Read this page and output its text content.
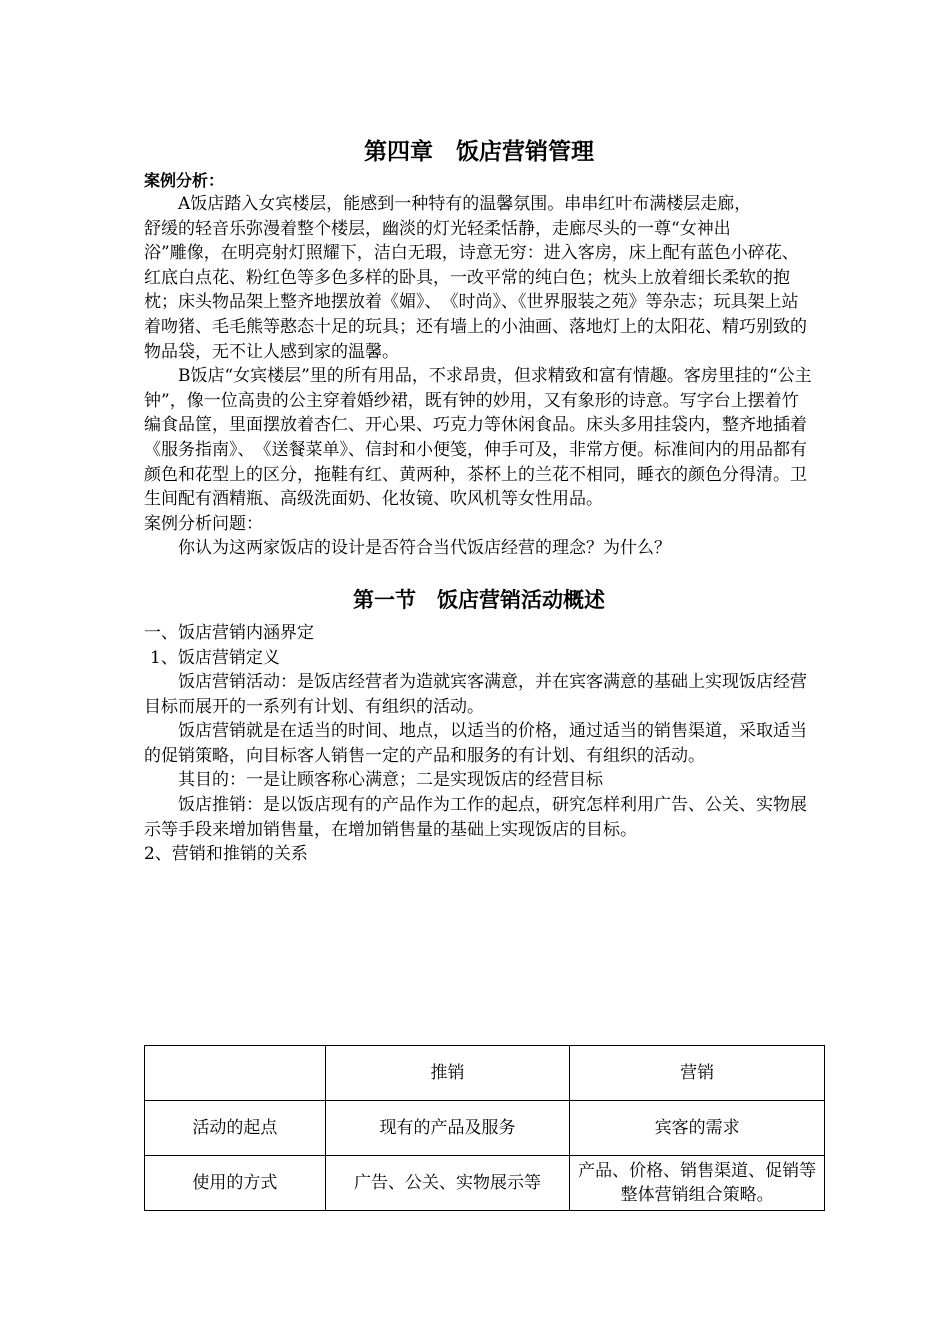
第四章　饭店营销管理
案例分析：

A饭店踏入女宾楼层，能感到一种特有的温馨氛围。串串红叶布满楼层走廊，

舒缓的轻音乐弥漫着整个楼层，幽淡的灯光轻柔恬静，走廊尽头的一尊“女神出

浴”雕像，在明亮射灯照耀下，洁白无瑕，诗意无穷：进入客房，床上配有蓝色小碎花、红底白点花、粉红色等多色多样的卧具，一改平常的纯白色；枕头上放着细长柔软的抱枕；床头物品架上整齐地摆放着《媚》、　《时尚》、《世界服装之苑》等杂志；玩具架上站着吻猪、毛毛熊等憨态十足的玩具；还有墙上的小油画、落地灯上的太阳花、精巧别致的物品袋，无不让人感到家的温馨。

B饭店“女宾楼层”里的所有用品，不求昂贵，但求精致和富有情趣。客房里挂的“公主钟”，像一位高贵的公主穿着婚纱裙，既有钟的妙用，又有象形的诗意。写字台上摆着竹编食品筐，里面摆放着杏仁、开心果、巧克力等休闲食品。床头多用挂袋内，整齐地插着《服务指南》、　《送餐菜单》、信封和小便笺，伸手可及，非常方便。标准间内的用品都有颜色和花型上的区分，拖鞋有红、黄两种，茶杯上的兰花不相同，睡衣的颜色分得清。卫生间配有酒精瓶、高级洗面奶、化妆镜、吹风机等女性用品。

案例分析问题：

你认为这两家饭店的设计是否符合当代饭店经营的理念？为什么？

第一节　饭店营销活动概述

一、饭店营销内涵界定

1、饭店营销定义

饭店营销活动：是饭店经营者为造就宾客满意，并在宾客满意的基础上实现饭店经营目标而展开的一系列有计划、有组织的活动。

饭店营销就是在适当的时间、地点，以适当的价格，通过适当的销售渠道，采取适当的促销策略，向目标客人销售一定的产品和服务的有计划、有组织的活动。

其目的：一是让顾客称心满意；二是实现饭店的经营目标

饭店推销：是以饭店现有的产品作为工作的起点，研究怎样利用广告、公关、实物展示等手段来增加销售量，在增加销售量的基础上实现饭店的目标。

2、营销和推销的关系

	推销	营销
活动的起点	现有的产品及服务	宾客的需求
使用的方式	广告、公关、实物展示等	产品、价格、销售渠道、促销等整体营销组合策略。
